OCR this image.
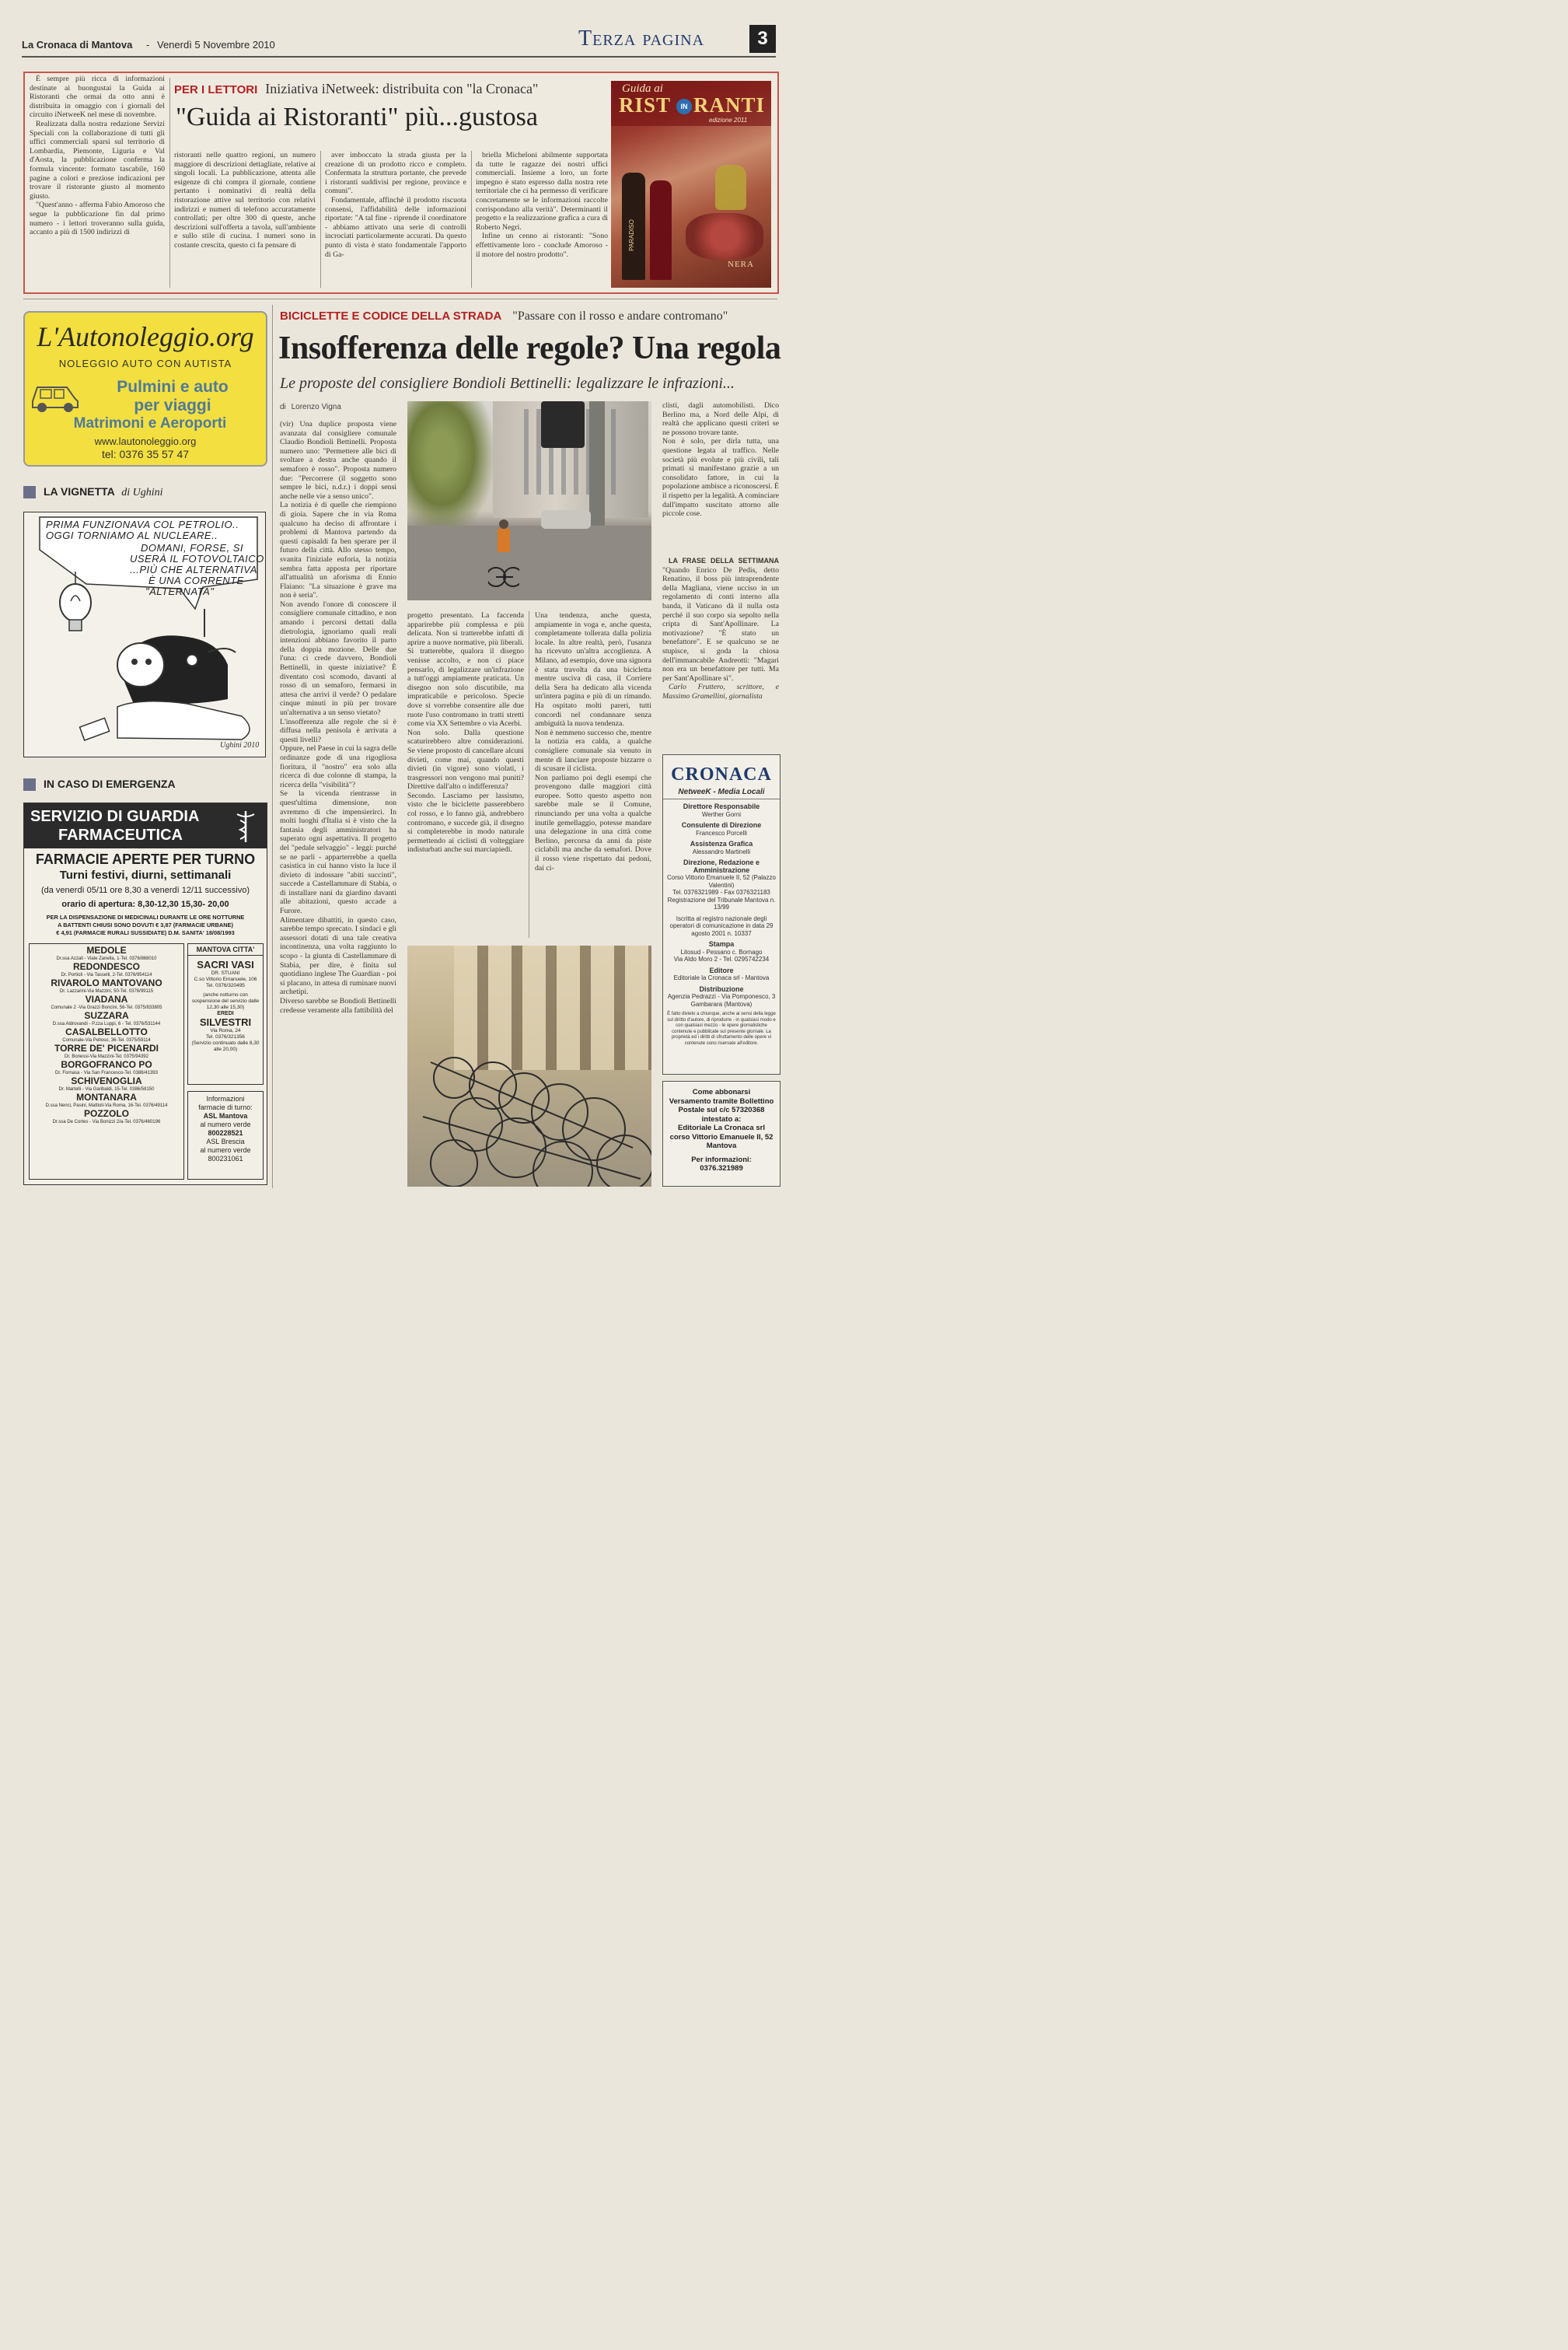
La Cronaca di Mantova - Venerdì 5 Novembre 2010	Terza pagina	3

È sempre più ricca di informazioni destinate ai buongustai la Guida ai Ristoranti che ormai da otto anni è distribuita in omaggio con i giornali del circuito iNetweeK nel mese di novembre.

Realizzata dalla nostra redazione Servizi Speciali con la collaborazione di tutti gli uffici commerciali sparsi sul territorio di Lombardia, Piemonte, Liguria e Val d'Aosta, la pubblicazione conferma la formula vincente: formato tascabile, 160 pagine a colori e preziose indicazioni per trovare il ristorante giusto al momento giusto.

"Quest'anno - afferma Fabio Amoroso che segue la pubblicazione fin dal primo numero - i lettori troveranno sulla guida, accanto a più di 1500 indirizzi di

PER I LETTORI Iniziativa iNetweek: distribuita con "la Cronaca"
"Guida ai Ristoranti" più...gustosa
ristoranti nelle quattro regioni, un numero maggiore di descrizioni dettagliate, relative ai singoli locali. La pubblicazione, attenta alle esigenze di chi compra il giornale, contiene pertanto i nominativi di realtà della ristorazione attive sul territorio con relativi indirizzi e numeri di telefono accuratamente controllati; per oltre 300 di queste, anche descrizioni sull'offerta a tavola, sull'ambiente e sullo stile di cucina. I numeri sono in costante crescita, questo ci fa pensare di

aver imboccato la strada giusta per la creazione di un prodotto ricco e completo. Confermata la struttura portante, che prevede i ristoranti suddivisi per regione, province e comuni".

Fondamentale, affinchè il prodotto riscuota consensi, l'affidabilità delle informazioni riportate: "A tal fine - riprende il coordinatore - abbiamo attivato una serie di controlli incrociati particolarmente accurati. Da questo punto di vista è stato fondamentale l'apporto di Ga-

briella Micheloni abilmente supportata da tutte le ragazze dei nostri uffici commerciali. Insieme a loro, un forte impegno è stato espresso dalla nostra rete territoriale che ci ha permesso di verificare concretamente se le informazioni raccolte corrispondano alla verità". Determinanti il progetto e la realizzazione grafica a cura di Roberto Negri.

Infine un cenno ai ristoranti: "Sono effettivamente loro - conclude Amoroso - il motore del nostro prodotto".

Guida ai
RIST	IN RANTI
edizione 2011
PARADISO
NERA
L'Autonoleggio.org
NOLEGGIO AUTO CON AUTISTA
Pulmini e auto
per viaggi
Matrimoni e Aeroporti
www.lautonoleggio.org
tel: 0376 35 57 47
LA VIGNETTA di Ughini
PRIMA FUNZIONAVA COL PETROLIO..
OGGI TORNIAMO AL NUCLEARE..
DOMANI, FORSE, SI
USERÀ IL FOTOVOLTAICO
...PIÙ CHE ALTERNATIVA
È UNA CORRENTE
"ALTERNATA"
Ughini 2010
IN CASO DI EMERGENZA
SERVIZIO DI GUARDIA
FARMACEUTICA
FARMACIE APERTE PER TURNO
Turni festivi, diurni, settimanali
(da venerdì 05/11 ore 8,30 a venerdì 12/11 successivo)
orario di apertura: 8,30-12,30 15,30- 20,00
PER LA DISPENSAZIONE DI MEDICINALI DURANTE LE ORE NOTTURNE
A BATTENTI CHIUSI SONO DOVUTI € 3,87 (FARMACIE URBANE)
€ 4,91 (FARMACIE RURALI SUSSIDIATE) D.M. SANITA' 18/08/1993
MEDOLE
Dr.ssa Azzali - Viale Zanella, 1-Tel. 0376/868010
REDONDESCO
Dr. Portioli - Via Tasselli, 2-Tel. 0376/954114
RIVAROLO MANTOVANO
Dr. Lazzarini-Via Mazzini, 50-Tel. 0376/99115
VIADANA
Comunale 2 -Via Grazzi Boncini, 56-Tel. 0375/833805
SUZZARA
D.ssa Aldrovandi - P.zza Luppi, 6 - Tel. 0376/531144
CASALBELLOTTO
Comunale-Via Pelloso, 36-Tel. 0375/59114
TORRE DE' PICENARDI
Dr. Bonessi-Via Mazzini-Tel. 0375/94392
BORGOFRANCO PO
Dr. Fornasa - Via San Francesco-Tel. 0386/41393
SCHIVENOGLIA
Dr. Martelli - Via Garibaldi, 15-Tel. 0386/58150
MONTANARA
D.ssa Nenci, Pasini, Mattioli-Via Roma, 16-Tel. 0376/49114
POZZOLO
Dr.ssa De Cortes - Via Bonizzi 2/a-Tel. 0376/460196
MANTOVA CITTA'
SACRI VASI
DR. STUANI
C.so Vittorio Emanuele, 106
Tel. 0376/320495
(anche notturno con sospensione del servizio dalle 12,30 alle 15,30)
EREDI
SILVESTRI
Via Roma, 24
Tel. 0376/321356
(Servizio continuato dalle 8,30 alle 20,00)
Informazioni farmacie di turno:
ASL Mantova
al numero verde
800228521
ASL Brescia
al numero verde
800231061
BICICLETTE E CODICE DELLA STRADA "Passare con il rosso e andare contromano"
Insofferenza delle regole? Una regola
Le proposte del consigliere Bondioli Bettinelli: legalizzare le infrazioni...
di Lorenzo Vigna
(vir) Una duplice proposta viene avanzata dal consigliere comunale Claudio Bondioli Bettinelli. Proposta numero uno: "Permettere alle bici di svoltare a destra anche quando il semaforo è rosso". Proposta numero due: "Percorrere (il soggetto sono sempre le bici, n.d.r.) i doppi sensi anche nelle vie a senso unico".
La notizia è di quelle che riempiono di gioia. Sapere che in via Roma qualcuno ha deciso di affrontare i problemi di Mantova partendo da questi capisaldi fa ben sperare per il futuro della città. Allo stesso tempo, svanita l'iniziale euforia, la notizia sembra fatta apposta per riportare all'attualità un aforisma di Ennio Flaiano: "La situazione è grave ma non è seria".
Non avendo l'onore di conoscere il consigliere comunale cittadino, e non amando i percorsi dettati dalla dietrologia, ignoriamo quali reali intenzioni abbiano favorito il parto della doppia mozione. Delle due l'una: ci crede davvero, Bondioli Bettinelli, in queste iniziative? È diventato così scomodo, davanti al rosso di un semaforo, fermarsi in attesa che arrivi il verde? O pedalare cinque minuti in più per trovare un'alternativa a un senso vietato?
L'insofferenza alle regole che si è diffusa nella penisola è arrivata a questi livelli?
Oppure, nel Paese in cui la sagra delle ordinanze gode di una rigogliosa fioritura, il "nostro" era solo alla ricerca di due colonne di stampa, la ricerca della "visibilità"?
Se la vicenda rientrasse in quest'ultima dimensione, non avremmo di che impensierirci. In molti luoghi d'Italia si è visto che la fantasia degli amministratori ha superato ogni aspettativa. Il progetto del "pedale selvaggio" - leggi: purché se ne parli - apparterrebbe a quella casistica in cui hanno visto la luce il divieto di indossare "abiti succinti", succede a Castellammare di Stabia, o di installare nani da giardino davanti alle abitazioni, questo accade a Furore.
Alimentare dibattiti, in questo caso, sarebbe tempo sprecato. I sindaci e gli assessori dotati di una tale creativa incontinenza, una volta raggiunto lo scopo - la giunta di Castellammare di Stabia, per dire, è finita sul quotidiano inglese The Guardian - poi si placano, in attesa di ruminare nuovi archetipi.
Diverso sarebbe se Bondioli Bettinelli credesse veramente alla fattibilità del
progetto presentato. La faccenda apparirebbe più complessa e più delicata. Non si tratterebbe infatti di aprire a nuove normative, più liberali. Si tratterebbe, qualora il disegno venisse accolto, e non ci piace pensarlo, di legalizzare un'infrazione a tutt'oggi ampiamente praticata. Un disegno non solo discutibile, ma impraticabile e pericoloso. Specie dove si vorrebbe consentire alle due ruote l'uso contromano in tratti stretti come via XX Settembre o via Acerbi.
Non solo. Dalla questione scaturirebbero altre considerazioni. Se viene proposto di cancellare alcuni divieti, come mai, quando questi divieti (in vigore) sono violati, i trasgressori non vengono mai puniti? Direttive dall'alto o indifferenza?
Secondo. Lasciamo per lassismo, visto che le biciclette passerebbero col rosso, e lo fanno già, andrebbero contromano, e succede già, il disegno si completerebbe in modo naturale permettendo ai ciclisti di volteggiare indisturbati anche sui marciapiedi.
Una tendenza, anche questa, ampiamente in voga e, anche questa, completamente tollerata dalla polizia locale. In altre realtà, però, l'usanza ha ricevuto un'altra accoglienza. A Milano, ad esempio, dove una signora è stata travolta da una bicicletta mentre usciva di casa, il Corriere della Sera ha dedicato alla vicenda un'intera pagina e più di un rimando. Ha ospitato molti pareri, tutti concordi nel condannare senza ambiguità la nuova tendenza.
Non è nemmeno successo che, mentre la notizia era calda, a qualche consigliere comunale sia venuto in mente di lanciare proposte bizzarre o di scusare il ciclista.
Non parliamo poi degli esempi che provengono dalle maggiori città europee. Sotto questo aspetto non sarebbe male se il Comune, rinunciando per una volta a qualche inutile gemellaggio, potesse mandare una delegazione in una città come Berlino, percorsa da anni da piste ciclabili ma anche da semafori. Dove il rosso viene rispettato dai pedoni, dai ci-
clisti, dagli automobilisti. Dico Berlino ma, a Nord delle Alpi, di realtà che applicano questi criteri se ne possono trovare tante.
Non è solo, per dirla tutta, una questione legata al traffico. Nelle società più evolute e più civili, tali primati si manifestano grazie a un consolidato fattore, in cui la popolazione ambisce a riconoscersi. È il rispetto per la legalità. A cominciare dall'impatto suscitato attorno alle piccole cose.

LA FRASE DELLA SETTIMANA "Quando Enrico De Pedis, detto Renatino, il boss più intraprendente della Magliana, viene ucciso in un regolamento di conti interno alla banda, il Vaticano dà il nulla osta perché il suo corpo sia sepolto nella cripta di Sant'Apollinare. La motivazione? "È stato un benefattore". E se qualcuno se ne stupisce, si goda la chiosa dell'immancabile Andreotti: "Magari non era un benefattore per tutti. Ma per Sant'Apollinare sì".

Carlo Fruttero, scrittore, e Massimo Gramellini, giornalista

CRONACA
NetweeK - Media Locali
Direttore Responsabile
Werther Gorni
Consulente di Direzione
Francesco Porcelli
Assistenza Grafica
Alessandro Martinelli
Direzione, Redazione e Amministrazione
Corso Vittorio Emanuele II, 52 (Palazzo Valentini)
Tel. 0376321989 - Fax 0376321183
Registrazione del Tribunale Mantova n. 13/99
Iscritta al registro nazionale degli operatori di comunicazione in data 29 agosto 2001 n. 10337
Stampa
Litosud - Pessano c. Bornago
Via Aldo Moro 2 - Tel. 0295742234
Editore
Editoriale la Cronaca srl - Mantova
Distribuzione
Agenzia Pedrazzi - Via Pomponesco, 3
Gambarara (Mantova)
È fatto divieto a chiunque, anche ai sensi della legge sul diritto d'autore, di riprodurre - in qualsiasi modo e con qualsiasi mezzo - le opere giornalistiche contenute e pubblicate sul presente giornale. La proprietà ed i diritti di sfruttamento delle opere vi contenute sono riservate all'editore.
Come abbonarsi
Versamento tramite Bollettino
Postale sul c/c 57320368
intestato a:
Editoriale La Cronaca srl
corso Vittorio Emanuele II, 52
Mantova
Per informazioni:
0376.321989
